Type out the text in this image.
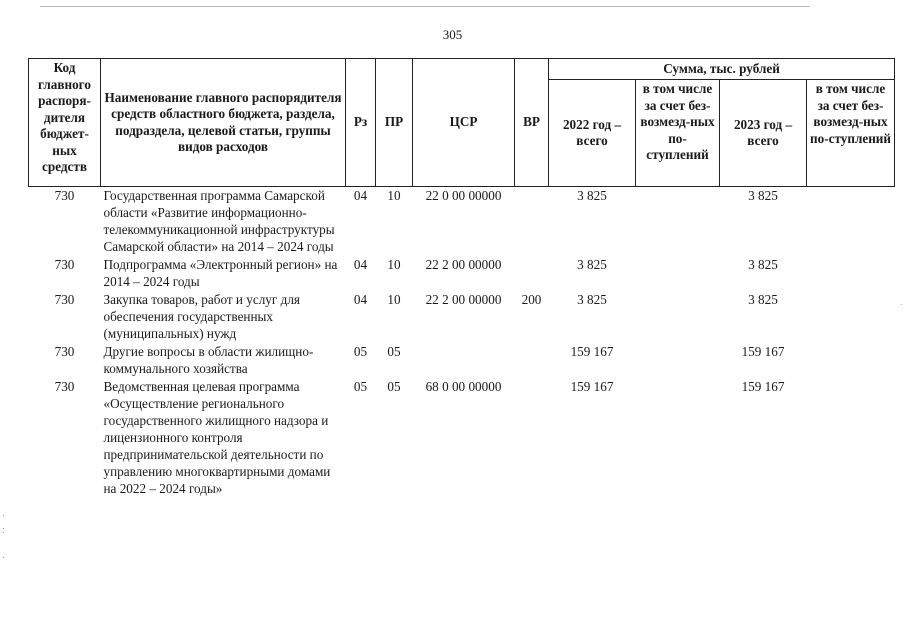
305
Код главного распоря-дителя бюджет-ных средств	Наименование главного распорядителя средств областного бюджета, раздела, подраздела, целевой статьи, группы видов расходов	Рз	ПР	ЦСР	ВР	Сумма, тыс. рублей			
						2022 год – всего	в том числе за счет без-возмезд-ных по-ступлений	2023 год – всего	в том числе за счет без-возмезд-ных по-ступлений
730	Государственная программа Самарской области «Развитие информационно-телекоммуникационной инфраструктуры Самарской области» на 2014 – 2024 годы	04	10	22 0 00 00000		3 825		3 825	
730	Подпрограмма «Электронный регион» на 2014 – 2024 годы	04	10	22 2 00 00000		3 825		3 825	
730	Закупка товаров, работ и услуг для обеспечения государственных (муниципальных) нужд	04	10	22 2 00 00000	200	3 825		3 825	
730	Другие вопросы в области жилищно-коммунального хозяйства	05	05			159 167		159 167	
730	Ведомственная целевая программа «Осуществление регионального государственного жилищного надзора и лицензионного контроля предпринимательской деятельности по управлению многоквартирными домами на 2022 – 2024 годы»	05	05	68 0 00 00000		159 167		159 167	
·
:

·
·
